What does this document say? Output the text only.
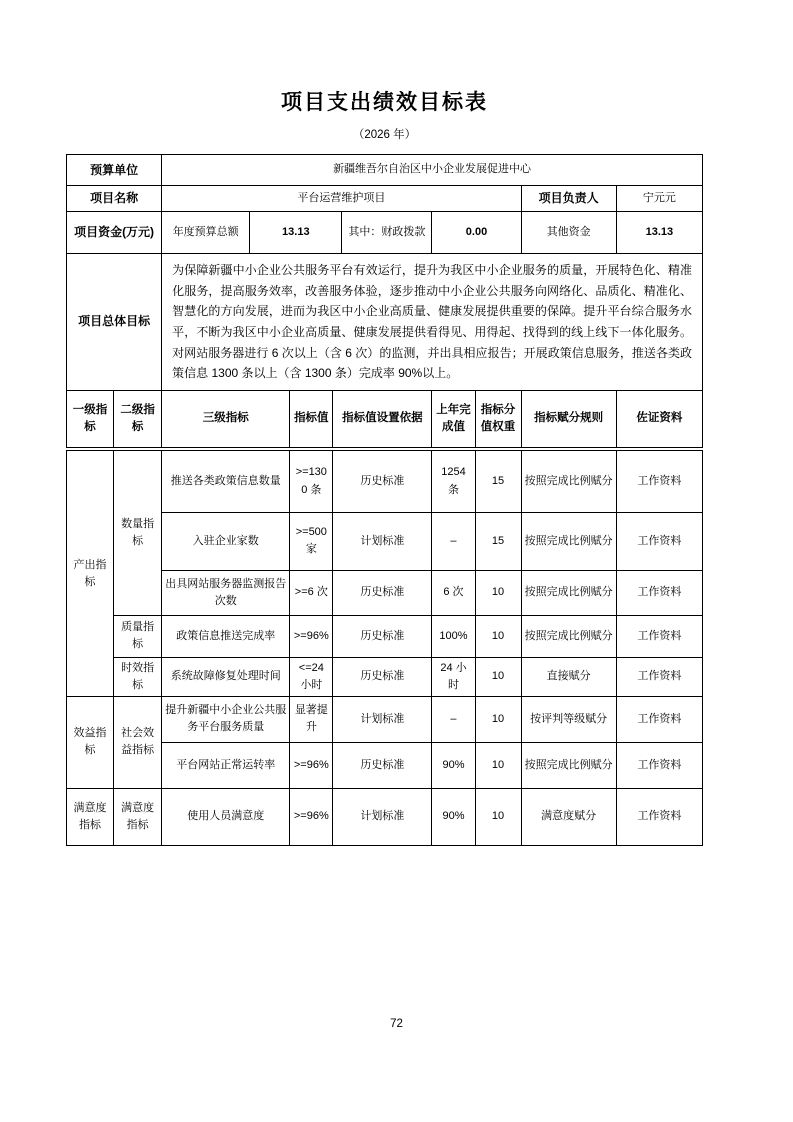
项目支出绩效目标表
（2026 年）
预算单位		新疆维吾尔自治区中小企业发展促进中心								
项目名称		平台运营维护项目							项目负责人	宁元元
项目资金(万元)		年度预算总额	13.13			其中：财政拨款	0.00		其他资金	13.13
项目总体目标		为保障新疆中小企业公共服务平台有效运行，提升为我区中小企业服务的质量，开展特色化、精准化服务，提高服务效率，改善服务体验，逐步推动中小企业公共服务向网络化、品质化、精准化、智慧化的方向发展，进而为我区中小企业高质量、健康发展提供重要的保障。提升平台综合服务水平，不断为我区中小企业高质量、健康发展提供看得见、用得起、找得到的线上线下一体化服务。对网站服务器进行 6 次以上（含 6 次）的监测，并出具相应报告；开展政策信息服务，推送各类政策信息 1300 条以上（含 1300 条）完成率 90%以上。								
一级指标	二级指标	三级指标		指标值	指标值设置依据		上年完成值	指标分值权重	指标赋分规则	佐证资料
产出指标	数量指标	推送各类政策信息数量		>=1300 条	历史标准		1254 条	15	按照完成比例赋分	工作资料
		入驻企业家数		>=500 家	计划标准		–	15	按照完成比例赋分	工作资料
		出具网站服务器监测报告次数		>=6 次	历史标准		6 次	10	按照完成比例赋分	工作资料
	质量指标	政策信息推送完成率		>=96%	历史标准		100%	10	按照完成比例赋分	工作资料
	时效指标	系统故障修复处理时间		<=24 小时	历史标准		24 小时	10	直接赋分	工作资料
效益指标	社会效益指标	提升新疆中小企业公共服务平台服务质量		显著提升	计划标准		–	10	按评判等级赋分	工作资料
		平台网站正常运转率		>=96%	历史标准		90%	10	按照完成比例赋分	工作资料
满意度指标	满意度指标	使用人员满意度		>=96%	计划标准		90%	10	满意度赋分	工作资料
72
